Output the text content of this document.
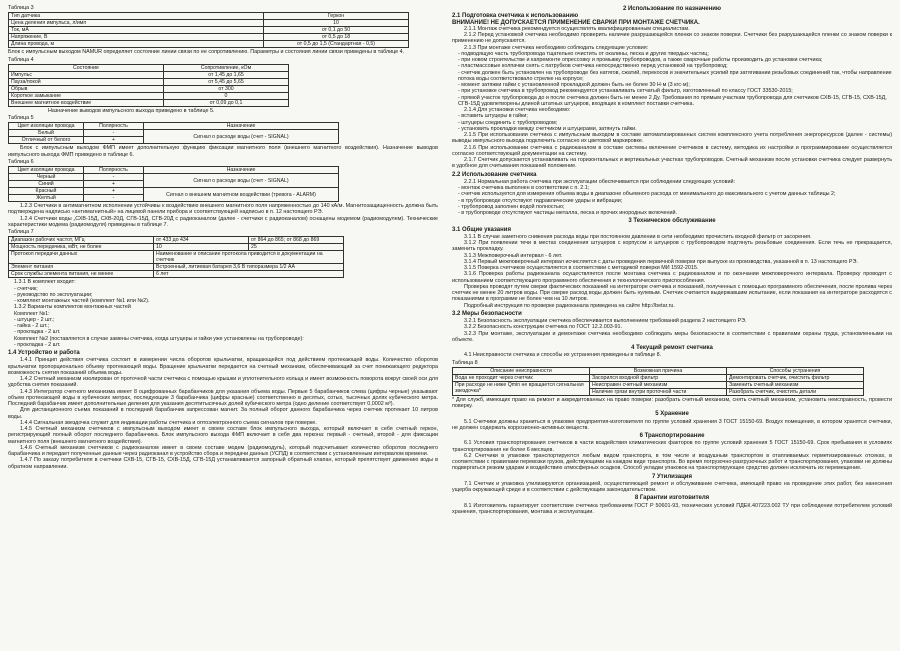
Таблица 3
Тип датчика	Геркон
Цена деления импульса, л/имп	10
Ток, мА	от 0,1 до 50
Напряжение, В	от 0,5 до 18
Длина провода, м	от 0,5 до 1,5 (Стандартная - 0,5)

Блок с импульсным выходом NAMUR определяет состояние линии связи по ее сопротивлению. Параметры и состояния линии связи приведены в таблице 4.

Таблица 4
Состояние	Сопротивление, кОм
Импульс	от 1,45 до 1,65
Пауза/покой	от 5,45 до 5,65
Обрыв	от 300
Короткое замыкание	0
Внешнее магнитное воздействие	от 0,09 до 0,1

Назначение выводов импульсного выхода приведено в таблице 5.

Таблица 5
Цвет изоляции провода	Полярность	Назначение
Белый	-	Сигнал о расходе воды (счет - SIGNAL)
Отличный от белого	+	

Блок с импульсным выходом ФМП имеет дополнительную функцию фиксации магнитного поля (внешнего магнитного воздействия). Назначение выводов импульсного выхода ФМП приведено в таблице 6.

Таблица 6
Цвет изоляции провода	Полярность	Назначение
Черный	-	Сигнал о расходе воды (счет - SIGNAL)
Синий	+	
Красный	+	Сигнал о внешнем магнитном воздействии (тревога - ALARM)
Желтый	-	

1.2.3 Счетчики в антимагнитном исполнении устойчивы к воздействию внешнего магнитного поля напряженностью до 140 кА/м. Магнитозащищенность должна быть подтверждена надписью «антимагнитный» на лицевой панели прибора и соответствующей надписью в п. 12 настоящего РЭ.

1.2.4 Счетчики воды „СХВ-15Д, СХВ-20Д, СГВ-15Д, СГВ-20Д с радиоканалом (далее - счетчики с радиоканалом) оснащены модемом (радиомодулем). Технические характеристики модема (радиомодуля) приведены в таблице 7.

Таблица 7
Диапазон рабочих частот, МГц	от 433 до 434	от 864 до 865; от 868 до 869
Мощность передачика, мВт, не более	10	25
Протокол передачи данных	Наименование и описание протокола приводится в документации на счетчик	
Элемент питания	Встроенный, литиевая батарея 3,6 В типоразмера 1/2 АА	
Срок службы элемента питания, не менее	6 лет	
1.3.1 В комплект входит:
- счетчик;
- руководство по эксплуатации;
- комплект монтажных частей (комплект №1 или №2).
1.3.2 Варианты комплектов монтажных частей
Комплект №1:
- штуцер - 2 шт.;
- гайка - 2 шт.;
- прокладка - 2 шт.
Комплект №2 (поставляется в случае замены счетчика, когда штуцеры и гайки уже установлены на трубопроводе):
- прокладка - 2 шт.
1.4 Устройство и работа

1.4.1 Принцип действия счетчика состоит в измерении числа оборотов крыльчатки, вращающейся под действием протекающей воды. Количество оборотов крыльчатки пропорционально объему протекающей воды. Вращение крыльчатки передается на счетный механизм, обеспечивающий за счет понижающего редуктора возможность снятия показаний объема воды.

1.4.2 Счетный механизм изолирован от проточной части счетчика с помощью крышки и уплотнительного кольца и имеет возможность поворота вокруг своей оси для удобства снятия показаний.

1.4.3 Интегратор счетного механизма имеет 8 оцифрованных барабанчиков для указания объема воды. Первые 5 барабанчиков слева (цифры черные) указывают объем протекающей воды в кубических метрах, последующие 3 барабанчика (цифры красные) соответственно в десятых, сотых, тысячных долях кубического метра. Последний барабанчик имеет дополнительные деления для указания десятитысячных долей кубического метра (одно деление соответствует 0,0002 м³).

Для дистанционного съема показаний в последний барабанчик запрессован магнит. За полный оборот данного барабанчика через счетчик протекает 10 литров воды.

1.4.4 Сигнальная звездочка служит для индикации работы счетчика и оптоэлектронного съема сигналов при поверке.

1.4.5 Счетный механизм счетчиков с импульсным выходом имеет в своем составе блок импульсного выхода, который включает в себя счетный геркон, регистрирующий полный оборот последнего барабанчика. Блок импульсного выхода ФМП включает в себя два геркона: первый - счетный, второй - для фиксации магнитного поля (внешнего магнитного воздействия).

1.4.6 Счетный механизм счетчиков с радиоканалом имеет в своем составе модем (радиомодуль), который подсчитывает количество оборотов последнего барабанчика и передает полученные данные через радиоканал в устройство сбора и передачи данных (УСПД) в соответствии с установленным интервалом времени.

1.4.7 По заказу потребителя в счетчики СХВ-15, СГВ-15, СХВ-15Д, СГВ-15Д устанавливается запорный обратный клапан, который препятствует движению воды в обратном направлении.

2 Использование по назначению
2.1 Подготовка счетчика к использованию
ВНИМАНИЕ! НЕ ДОПУСКАЕТСЯ ПРИМЕНЕНИЕ СВАРКИ ПРИ МОНТАЖЕ СЧЕТЧИКА.

2.1.1 Монтаж счетчика рекомендуется осуществлять квалифицированным специалистам.

2.1.2 Перед установкой счетчика необходимо проверить наличие разрушающейся пленки со знаком поверки. Счетчики без разрушающейся пленки со знаком поверки к применению не допускаются.

2.1.3 При монтаже счетчика необходимо соблюдать следующие условия:

- подводящую часть трубопровода тщательно очистить от окалины, песка и других твердых частиц;
- при новом строительстве и капремонте опрессовку и промывку трубопроводов, а также сварочные работы производить до установки счетчика;
- пластмассовые колпачки снять с патрубков счетчика непосредственно перед установкой на трубопровод;
- счетчик должен быть установлен на трубопроводе без натягов, сжатий, перекосов и значительных усилий при затягивании резьбовых соединений так, чтобы направление потока воды соответствовало стрелке на корпусе;
- момент затяжки гайки с установленной прокладкой должен быть не более 30 Н·м (3 кгс·м);
- при установке счетчика в трубопровод рекомендуется устанавливать сетчатый фильтр, изготовленный по классу ГОСТ 33530-2015;
- прямой участок трубопровода до и после счетчика должен быть не менее 2 Ду. Требования по прямым участкам трубопровода для счетчиков СХВ-15, СГВ-15, СХВ-15Д, СГВ-15Д удовлетворены длиной штатных штуцеров, входящих в комплект поставки счетчика.

2.1.4 Для установки счетчика необходимо:

- вставить штуцеры в гайки;
- штуцеры соединить с трубопроводом;
- установить прокладки между счетчиком и штуцерами, затянуть гайки.

2.1.5 При использовании счетчика с импульсным выходом в составе автоматизированных систем комплексного учета потребления энергоресурсов (далее - системы) выводы импульсного выхода подключить согласно их цветовой маркировке.

2.1.6 При использовании счетчика с радиоканалом в составе системы включение счетчиков в систему, методика их настройки и программирование осуществляется согласно соответствующей документации на систему.

2.1.7 Счетчик допускается устанавливать на горизонтальных и вертикальных участках трубопроводов. Счетный механизм после установки счетчика следует развернуть в удобное для считывания показаний положение.

2.2 Использование счетчика

2.2.1 Нормальная работа счетчика при эксплуатации обеспечивается при соблюдении следующих условий:

- монтаж счетчика выполнен в соответствии с п. 2.1;
- счетчик используется для измерения объема воды в диапазоне объемного расхода от минимального до максимального с учетом данных таблицы 2;
- в трубопроводе отсутствуют гидравлические удары и вибрации;
- трубопровод заполнен водой полностью;
- в трубопроводе отсутствуют частицы металла, песка и прочих инородных включений.
3 Техническое обслуживание
3.1 Общие указания

3.1.1 В случае заметного снижения расхода воды при постоянном давлении в сети необходимо прочистить входной фильтр от засорения.

3.1.2 При появлении течи в местах соединения штуцеров с корпусом и штуцеров с трубопроводом подтянуть резьбовые соединения. Если течь не прекращается, заменить прокладку.

3.1.3 Межповерочный интервал - 6 лет.

3.1.4 Первый межповерочный интервал исчисляется с даты проведения первичной поверки при выпуске из производства, указанной в п. 13 настоящего РЭ.

3.1.5 Поверка счетчиков осуществляется в соответствии с методикой поверки МИ 1592-2015.

3.1.6 Проверка работы радиоканала осуществляется после монтажа счетчика с радиоканалом и по окончании межповерочного интервала. Проверку проводят с использованием соответствующего программного обеспечения и технологического приспособления.

Проверка проводят путем сверки фактических показаний на интеграторе счетчика и показаний, полученных с помощью программного обеспечения, после пролива через счетчик не менее 20 литров воды. При сверке расход воды должен быть нулевым. Счетчик считается выдержавшим испытание, если показания на интеграторе расходятся с показаниями в программе не более чем на 10 литров.

Подробный инструкция по проверке радиоканала приведена на сайте http://betar.ru.

3.2 Меры безопасности

3.2.1 Безопасность эксплуатации счетчика обеспечивается выполнением требований раздела 2 настоящего РЭ.

3.2.2 Безопасность конструкции счетчика по ГОСТ 12.2.003-91.

3.2.3 При монтаже, эксплуатации и демонтаже счетчика необходимо соблюдать меры безопасности в соответствии с правилами охраны труда, установленными на объекте.

4 Текущий ремонт счетчика

4.1 Неисправности счетчика и способы их устранения приведены в таблице 8.

Таблица 8
Описание неисправности	Возможная причина	Способы устранения
Вода не проходит через счетчик	Засорился входной фильтр	Демонтировать счетчик, очистить фильтр
При расходе не ниже Qmin не вращается сигнальная звездочка*	Неисправен счетный механизм	Заменить счетный механизм
	Наличие грязи внутри проточной части	Разобрать счетчик, очистить детали

* Для служб, имеющих право на ремонт и аккредитованных на право поверки: разобрать счетный механизм, снять счетный механизм, установить неисправность, провести поверку.

5 Хранение

5.1 Счетчики должны храниться в упаковке предприятия-изготовителя по группе условий хранения 3 ГОСТ 15150-69. Воздух помещения, в котором хранятся счетчики, не должен содержать коррозионно-активных веществ.

6 Транспортирование

6.1 Условия транспортирования счетчиков в части воздействия климатических факторов по группе условий хранения 5 ГОСТ 15150-69. Срок пребывания в условиях транспортирования не более 6 месяцев.

6.2 Счетчики в упаковке транспортируются любым видом транспорта, в том числе и воздушным транспортом в отапливаемых герметизированных отсеках, в соответствии с правилами перевозки грузов, действующими на каждом виде транспорта. Во время погрузочно-разгрузочных работ и транспортирования, упаковки не должны подвергаться резким ударам и воздействию атмосферных осадков. Способ укладки упаковок на транспортирующее средство должен исключать их перемещение.

7 Утилизация

7.1 Счетчик и упаковка утилизируются организацией, осуществляющей ремонт и обслуживание счетчика, имеющей право на проведение этих работ, без нанесения ущерба окружающей среде и в соответствии с действующим законодательством.

8 Гарантии изготовителя

8.1 Изготовитель гарантирует соответствие счетчика требованиям ГОСТ Р 50601-93, технических условий ПДЕК.407223.002 ТУ при соблюдении потребителем условий хранения, транспортирования, монтажа и эксплуатации.
